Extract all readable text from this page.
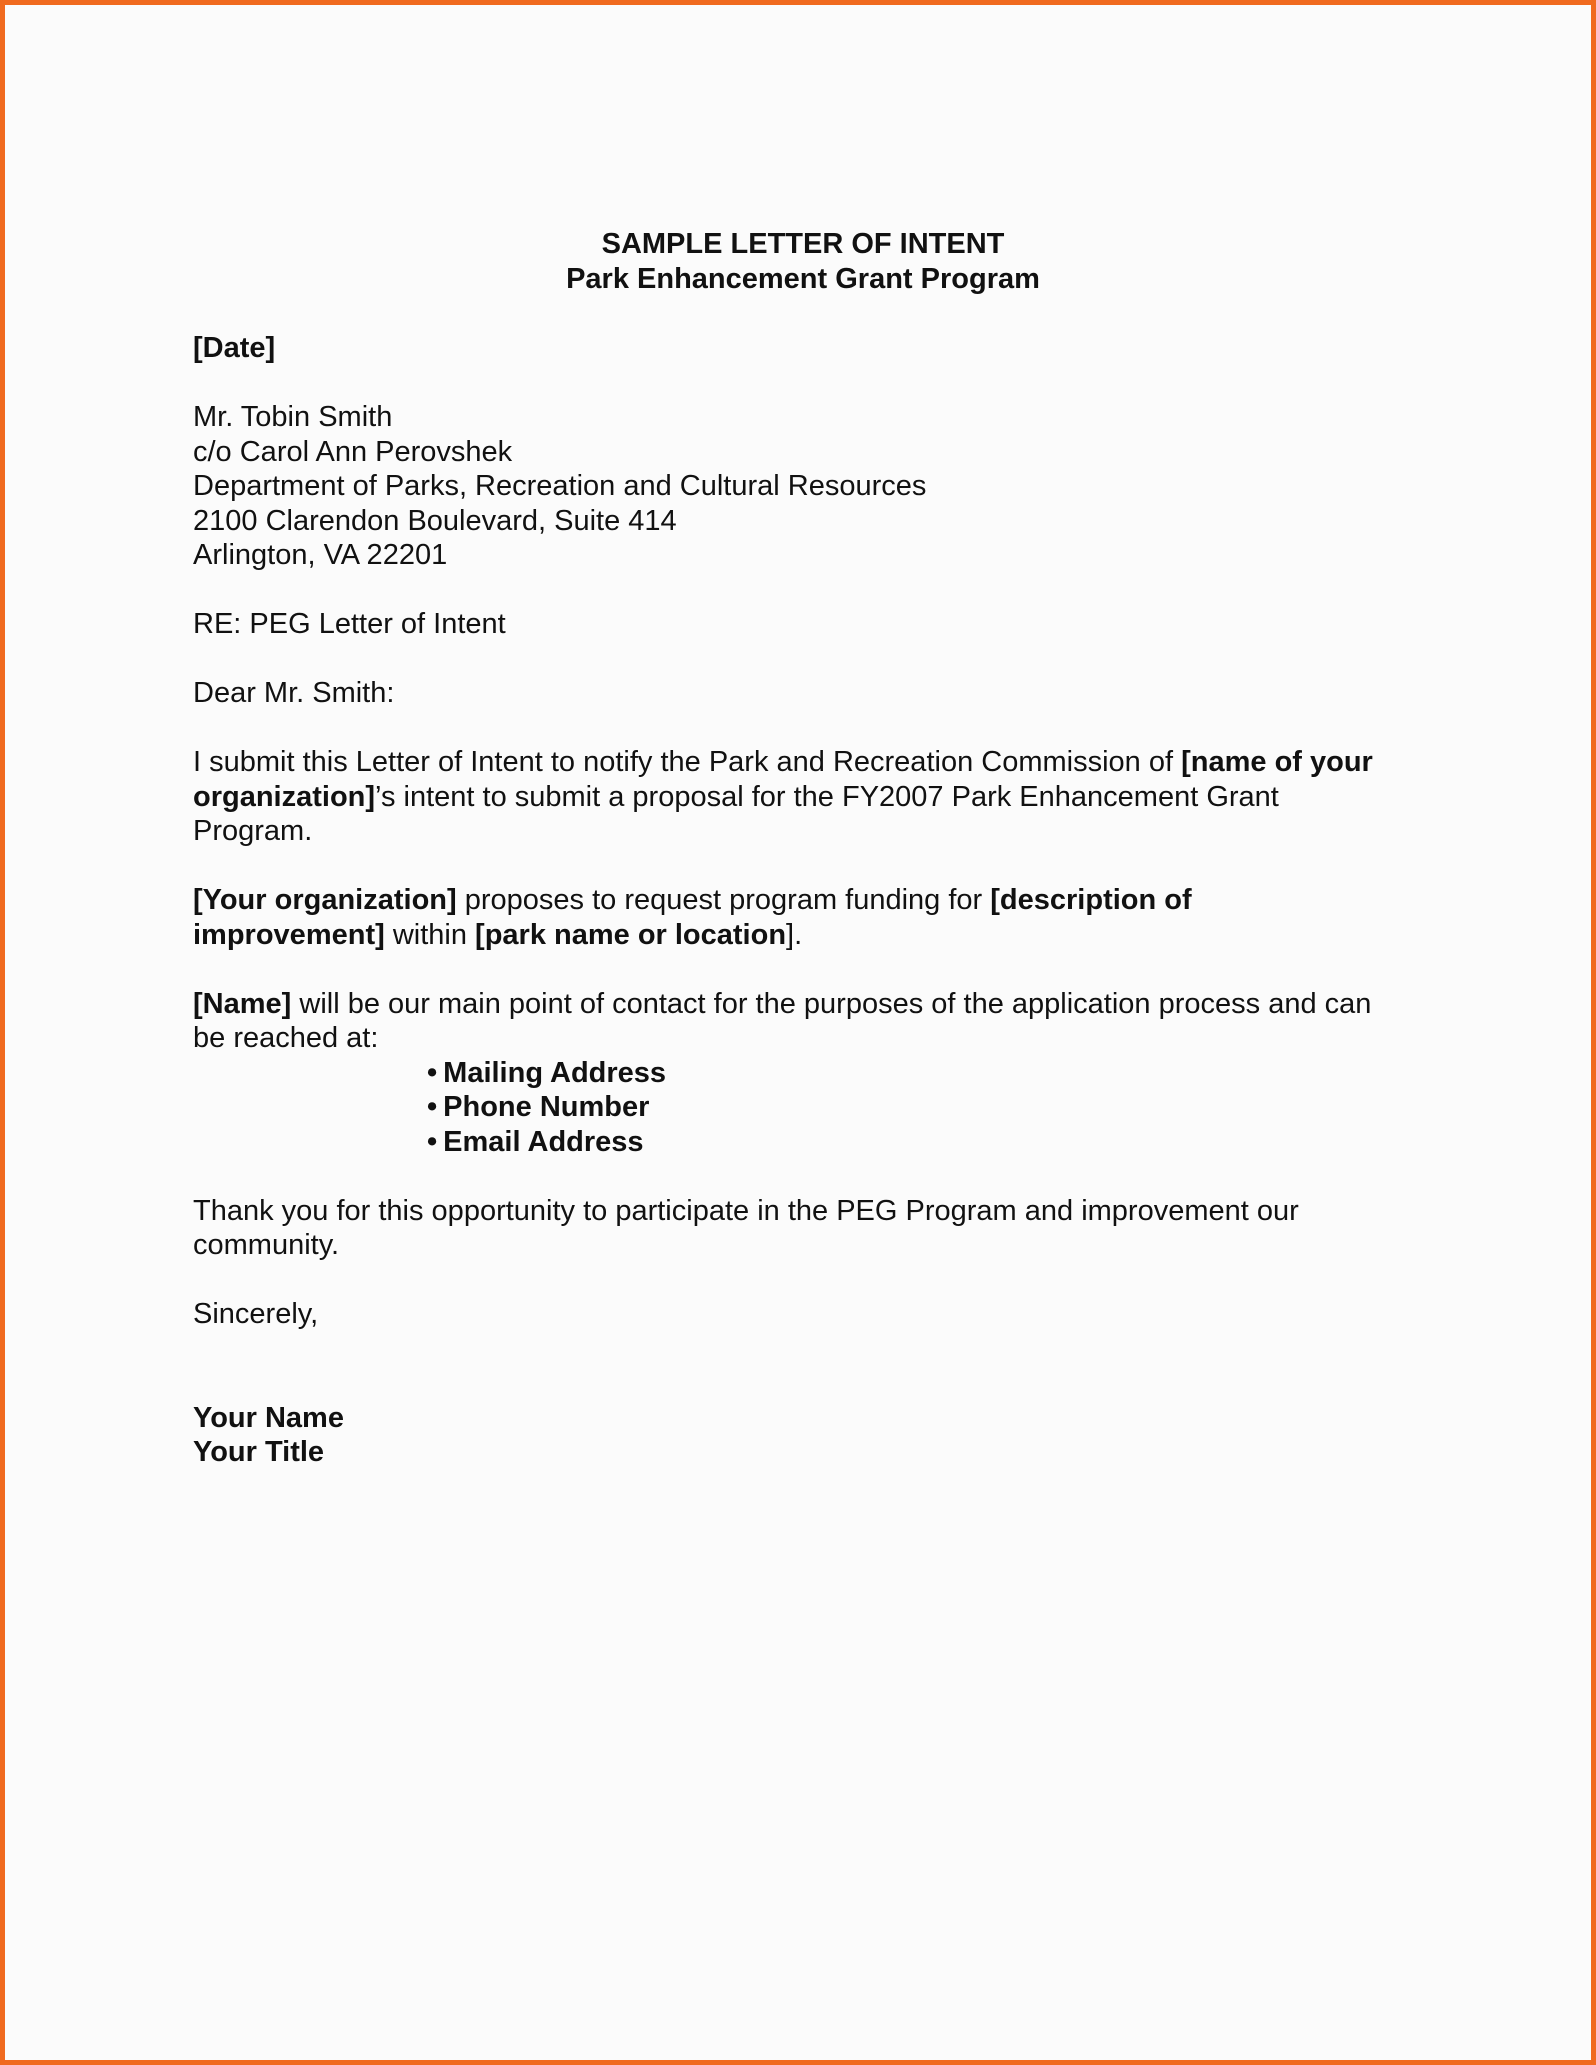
SAMPLE LETTER OF INTENT
Park Enhancement Grant Program
[Date]
Mr. Tobin Smith
c/o Carol Ann Perovshek
Department of Parks, Recreation and Cultural Resources
2100 Clarendon Boulevard, Suite 414
Arlington, VA 22201
RE: PEG Letter of Intent
Dear Mr. Smith:
I submit this Letter of Intent to notify the Park and Recreation Commission of [name of your
organization]’s intent to submit a proposal for the FY2007 Park Enhancement Grant
Program.
[Your organization] proposes to request program funding for [description of
improvement] within [park name or location].
[Name] will be our main point of contact for the purposes of the application process and can
be reached at:
• Mailing Address
• Phone Number
• Email Address
Thank you for this opportunity to participate in the PEG Program and improvement our
community.
Sincerely,
Your Name
Your Title
